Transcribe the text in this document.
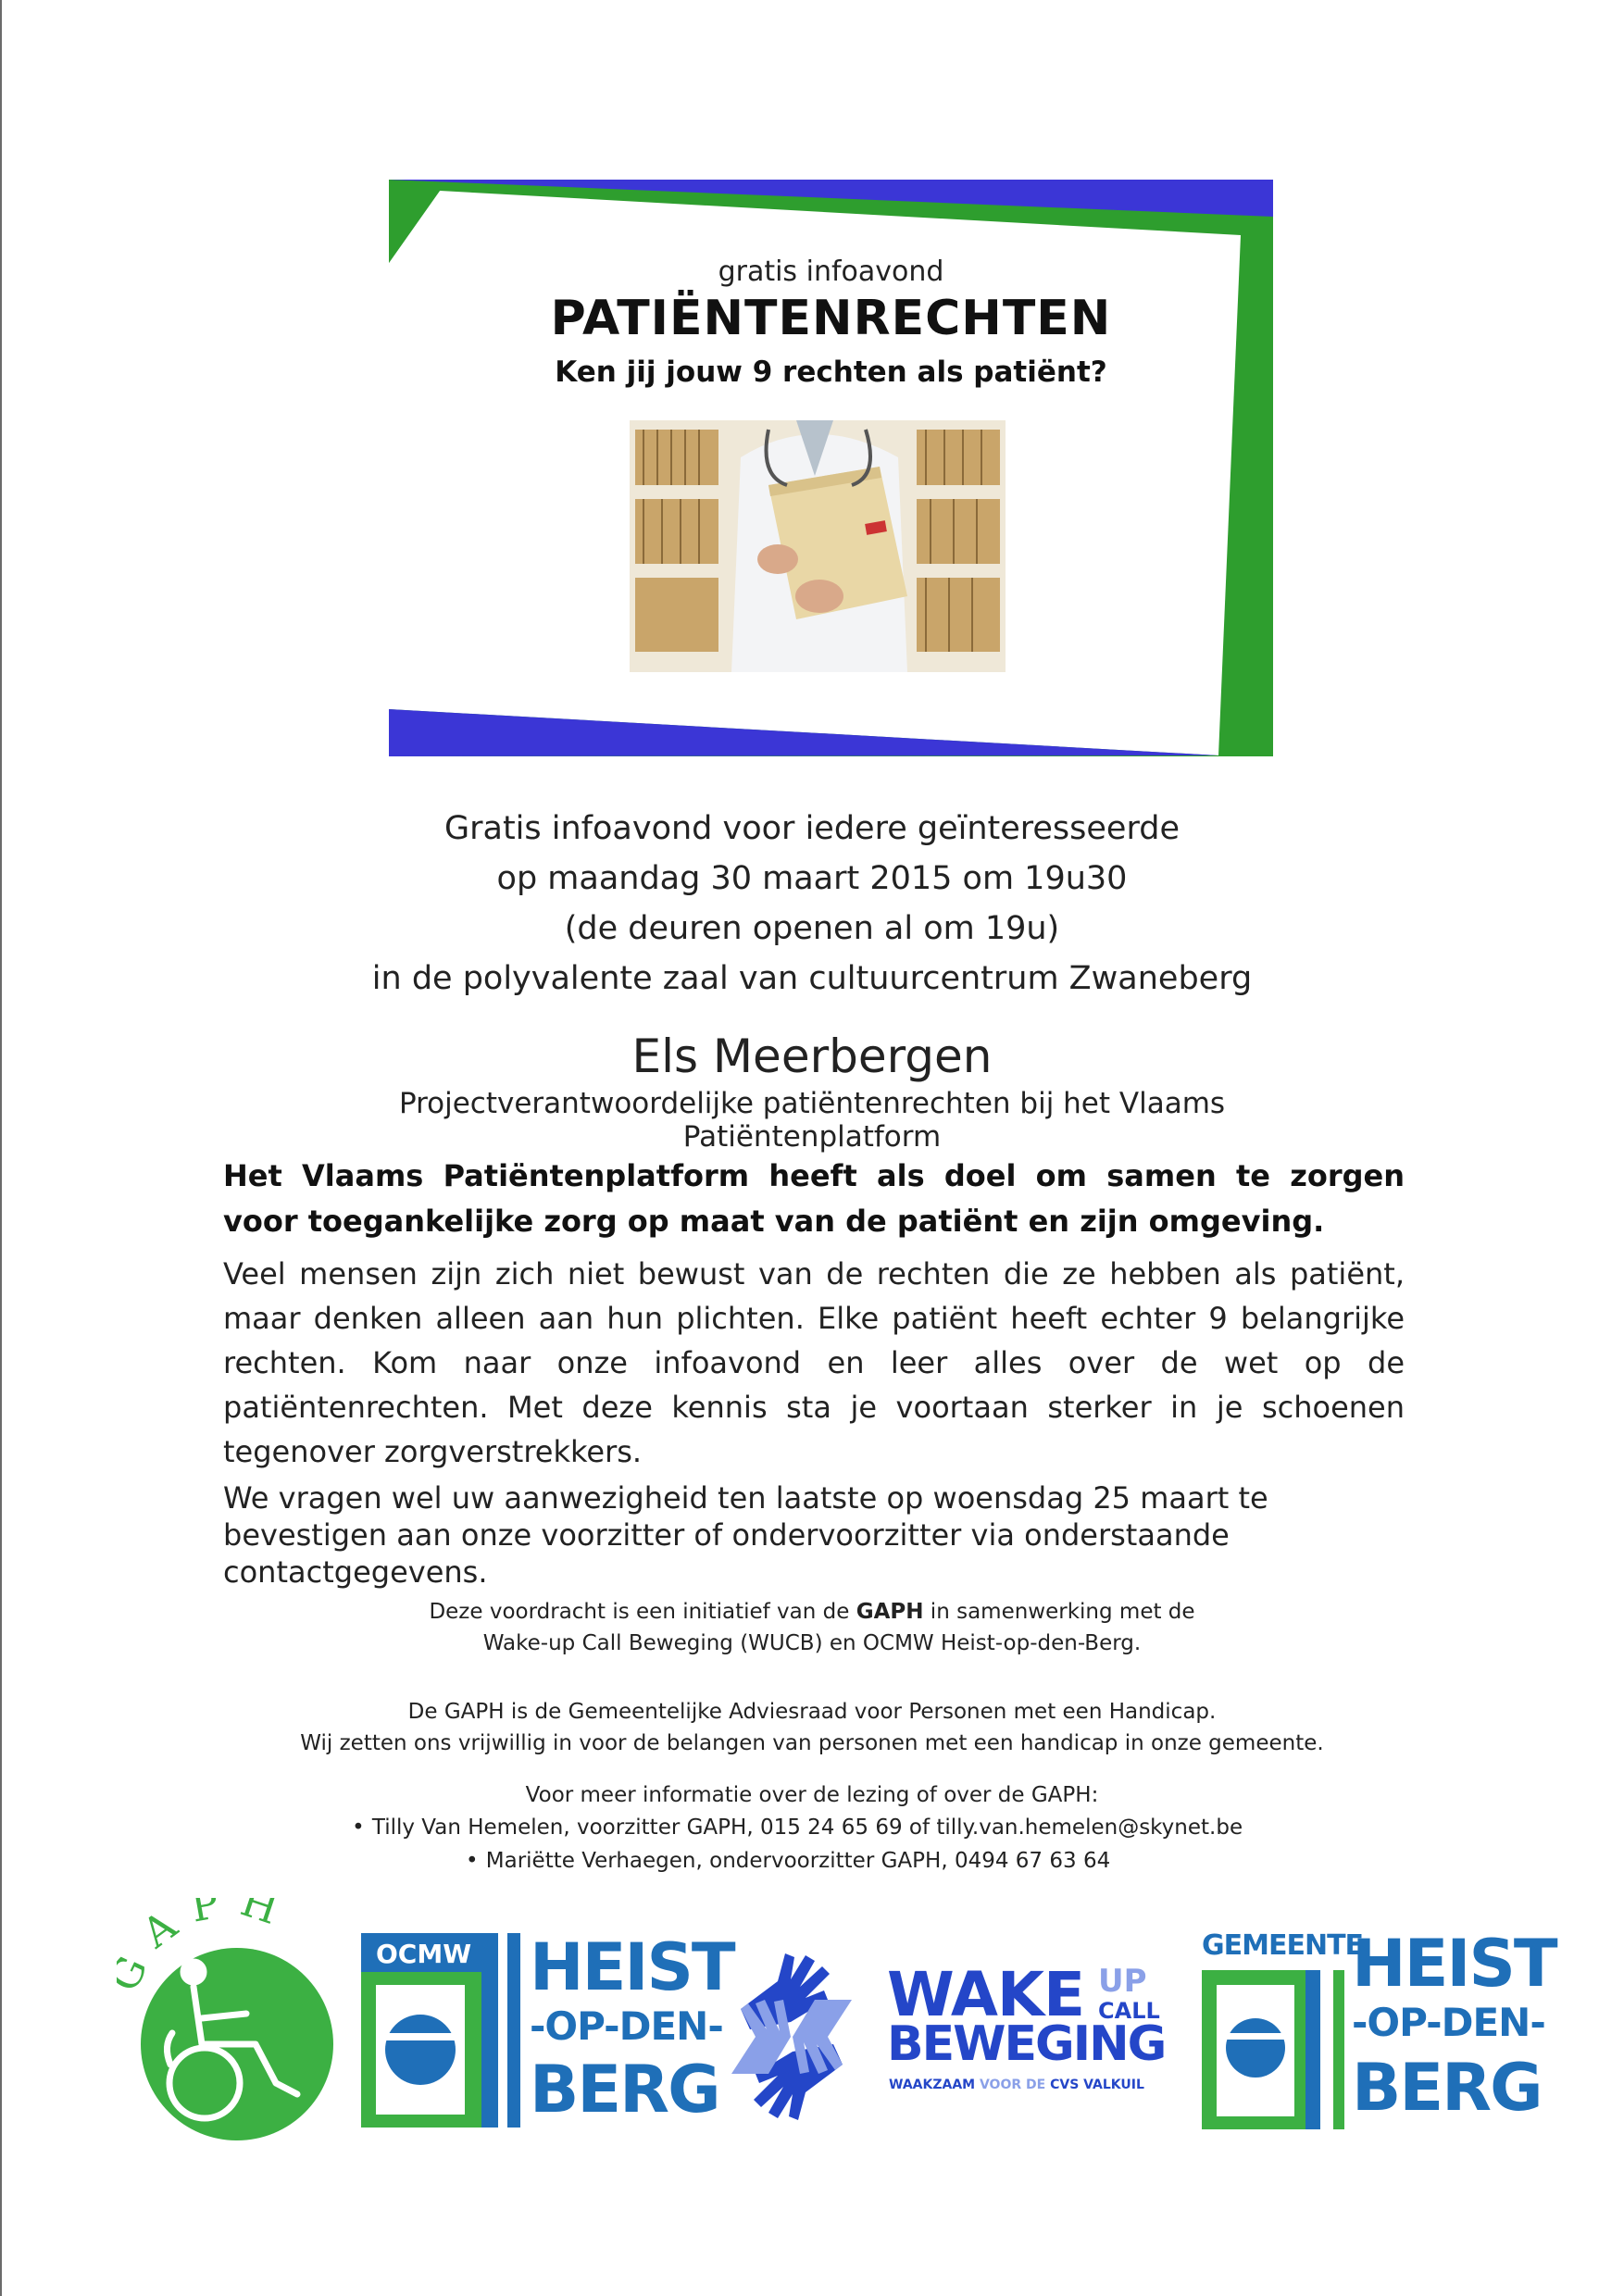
gratis infoavond
PATIËNTENRECHTEN
Ken jij jouw 9 rechten als patiënt?
Gratis infoavond voor iedere geïnteresseerde
op maandag 30 maart 2015 om 19u30
(de deuren openen al om 19u)
in de polyvalente zaal van cultuurcentrum Zwaneberg
Els Meerbergen
Projectverantwoordelijke patiëntenrechten bij het Vlaams Patiëntenplatform
Het Vlaams Patiëntenplatform heeft als doel om samen te zorgen voor toegankelijke zorg op maat van de patiënt en zijn omgeving.
Veel mensen zijn zich niet bewust van de rechten die ze hebben als patiënt, maar denken alleen aan hun plichten. Elke patiënt heeft echter 9 belangrijke rechten. Kom naar onze infoavond en leer alles over de wet op de patiëntenrechten. Met deze kennis sta je voortaan sterker in je schoenen tegenover zorgverstrekkers.
We vragen wel uw aanwezigheid ten laatste op woensdag 25 maart te bevestigen aan onze voorzitter of ondervoorzitter via onderstaande contactgegevens.
Deze voordracht is een initiatief van de GAPH in samenwerking met de
Wake-up Call Beweging (WUCB) en OCMW Heist-op-den-Berg.
De GAPH is de Gemeentelijke Adviesraad voor Personen met een Handicap.
Wij zetten ons vrijwillig in voor de belangen van personen met een handicap in onze gemeente.
Voor meer informatie over de lezing of over de GAPH:
• Tilly Van Hemelen, voorzitter GAPH, 015 24 65 69 of tilly.van.hemelen@skynet.be
• Mariëtte Verhaegen, ondervoorzitter GAPH, 0494 67 63 64
APH
OCMW HEIST
-OP-DEN-
BERG
WAKE UP
CALL
BEWEGING
WAAKZAAM VOOR DE CVS VALKUIL
GEMEENTE
HEIST
-OP-DEN-
BERG
